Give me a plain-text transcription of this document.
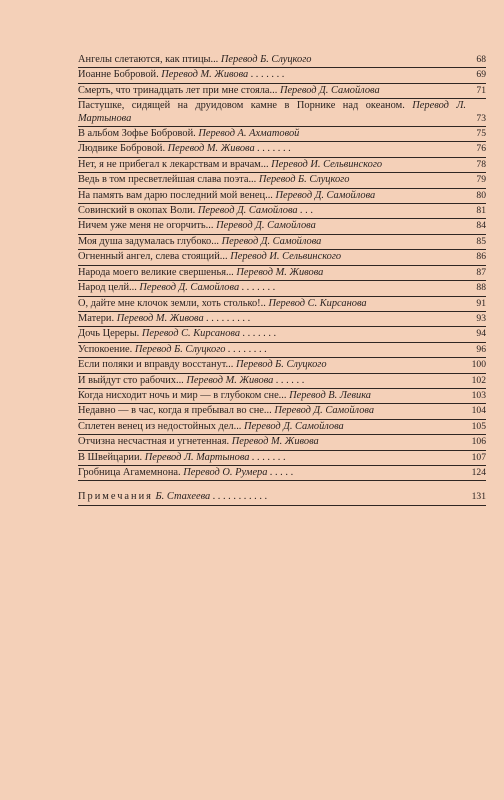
Ангелы слетаются, как птицы... Перевод Б. Слуцкого	68
Иоанне Бобровой. Перевод М. Живова . . . . . . .	69
Смерть, что тринадцать лет при мне стояла... Перевод Д. Самойлова	71
Пастушке, сидящей на друидовом камне в Порнике над океаном. Перевод Л. Мартынова	73
В альбом Зофье Бобровой. Перевод А. Ахматовой	75
Людвике Бобровой. Перевод М. Живова . . . . . . .	76
Нет, я не прибегал к лекарствам и врачам... Перевод И. Сельвинского	78
Ведь в том пресветлейшая слава поэта... Перевод Б. Слуцкого	79
На память вам дарю последний мой венец... Перевод Д. Самойлова	80
Совинский в окопах Воли. Перевод Д. Самойлова . . .	81
Ничем уже меня не огорчить... Перевод Д. Самойлова	84
Моя душа задумалась глубоко... Перевод Д. Самойлова	85
Огненный ангел, слева стоящий... Перевод И. Сельвинского	86
Народа моего великие свершенья... Перевод М. Живова	87
Народ целй... Перевод Д. Самойлова . . . . . . .	88
О, дайте мне клочок земли, хоть столько!.. Перевод С. Кирсанова	91
Матери. Перевод М. Живова . . . . . . . . .	93
Дочь Цереры. Перевод С. Кирсанова . . . . . . .	94
Успокоение. Перевод Б. Слуцкого . . . . . . . .	96
Если поляки и вправду восстанут... Перевод Б. Слуцкого	100
И выйдут сто рабочих... Перевод М. Живова . . . . . .	102
Когда нисходит ночь и мир — в глубоком сне... Перевод В. Левика	103
Недавно — в час, когда я пребывал во сне... Перевод Д. Самойлова	104
Сплетен венец из недостойных дел... Перевод Д. Самойлова	105
Отчизна несчастная и угнетенная. Перевод М. Живова	106
В Швейцарии. Перевод Л. Мартынова . . . . . . .	107
Гробница Агамемнона. Перевод О. Румера . . . . .	124
Примечания Б. Стахеева . . . . . . . . . . .	131
